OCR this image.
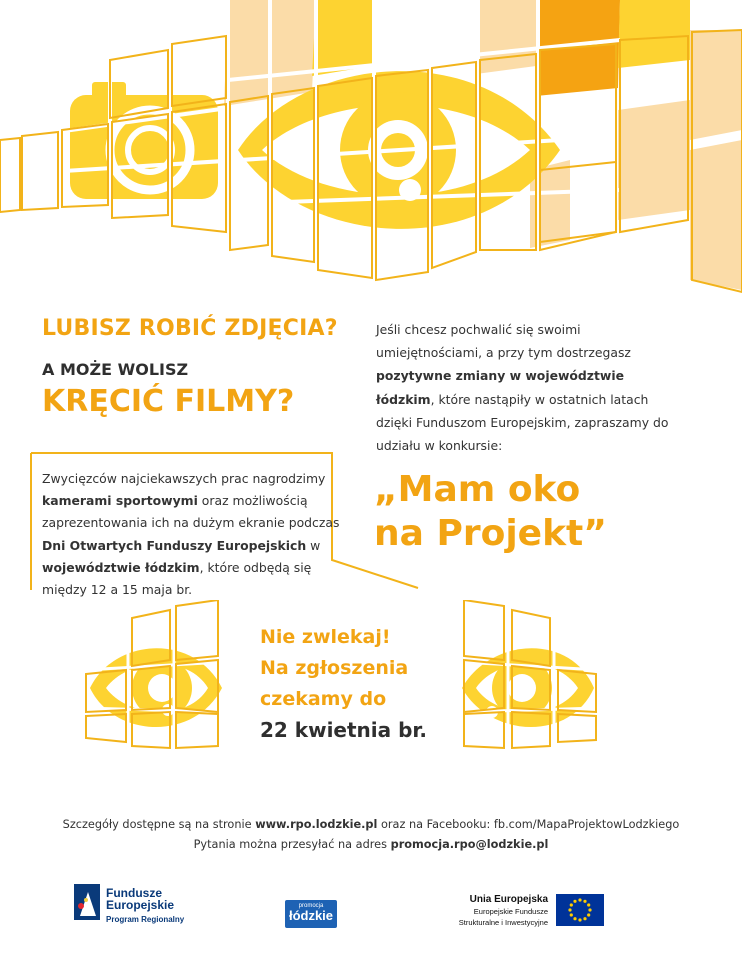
LUBISZ ROBIĆ ZDJĘCIA?
A MOŻE WOLISZ
KRĘCIĆ FILMY?
Jeśli chcesz pochwalić się swoimi umiejętnościami, a przy tym dostrzegasz pozytywne zmiany w województwie łódzkim, które nastąpiły w ostatnich latach dzięki Funduszom Europejskim, zapraszamy do udziału w konkursie:
Zwycięzców najciekawszych prac nagrodzimy kamerami sportowymi oraz możliwością zaprezentowania ich na dużym ekranie podczas Dni Otwartych Funduszy Europejskich w województwie łódzkim, które odbędą się między 12 a 15 maja br.
„Mam oko
na Projekt”
Nie zwlekaj!
Na zgłoszenia
czekamy do
22 kwietnia br.
Szczegóły dostępne są na stronie www.rpo.lodzkie.pl oraz na Facebooku: fb.com/MapaProjektowLodzkiego
Pytania można przesyłać na adres promocja.rpo@lodzkie.pl
Fundusze
Europejskie
Program Regionalny
promocja
łódzkie
Unia Europejska
Europejskie Fundusze
Strukturalne i Inwestycyjne
